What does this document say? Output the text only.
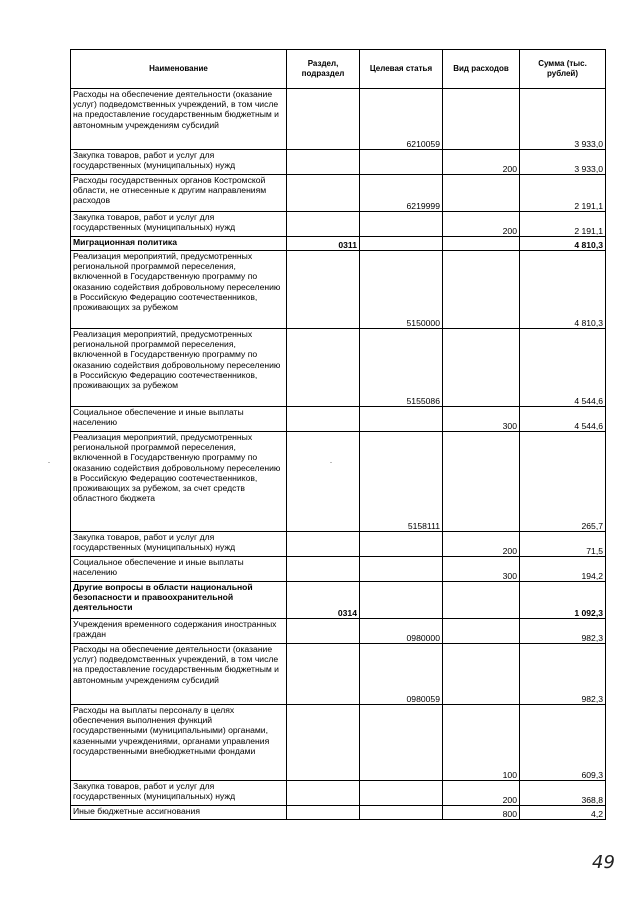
Наименование	Раздел, подраздел	Целевая статья	Вид расходов	Сумма (тыс. рублей)
Расходы на обеспечение деятельности (оказание услуг) подведомственных учреждений, в том числе на предоставление государственным бюджетным и автономным учреждениям субсидий		6210059		3 933,0
Закупка товаров, работ и услуг для государственных (муниципальных) нужд			200	3 933,0
Расходы государственных органов Костромской области, не отнесенные к другим направлениям расходов		6219999		2 191,1
Закупка товаров, работ и услуг для государственных (муниципальных) нужд			200	2 191,1
Миграционная политика	0311			4 810,3
Реализация мероприятий, предусмотренных региональной программой переселения, включенной в Государственную программу по оказанию содействия добровольному переселению в Российскую Федерацию соотечественников, проживающих за рубежом		5150000		4 810,3
Реализация мероприятий, предусмотренных региональной программой переселения, включенной в Государственную программу по оказанию содействия добровольному переселению в Российскую Федерацию соотечественников, проживающих за рубежом		5155086		4 544,6
Социальное обеспечение и иные выплаты населению			300	4 544,6
Реализация мероприятий, предусмотренных региональной программой переселения, включенной в Государственную программу по оказанию содействия добровольному переселению в Российскую Федерацию соотечественников, проживающих за рубежом, за счет средств областного бюджета		5158111		265,7
Закупка товаров, работ и услуг для государственных (муниципальных) нужд			200	71,5
Социальное обеспечение и иные выплаты населению			300	194,2
Другие вопросы в области национальной безопасности и правоохранительной деятельности	0314			1 092,3
Учреждения временного содержания иностранных граждан		0980000		982,3
Расходы на обеспечение деятельности (оказание услуг) подведомственных учреждений, в том числе на предоставление государственным бюджетным и автономным учреждениям субсидий		0980059		982,3
Расходы на выплаты персоналу в целях обеспечения выполнения функций государственными (муниципальными) органами, казенными учреждениями, органами управления государственными внебюджетными фондами			100	609,3
Закупка товаров, работ и услуг для государственных (муниципальных) нужд			200	368,8
Иные бюджетные ассигнования			800	4,2
49
